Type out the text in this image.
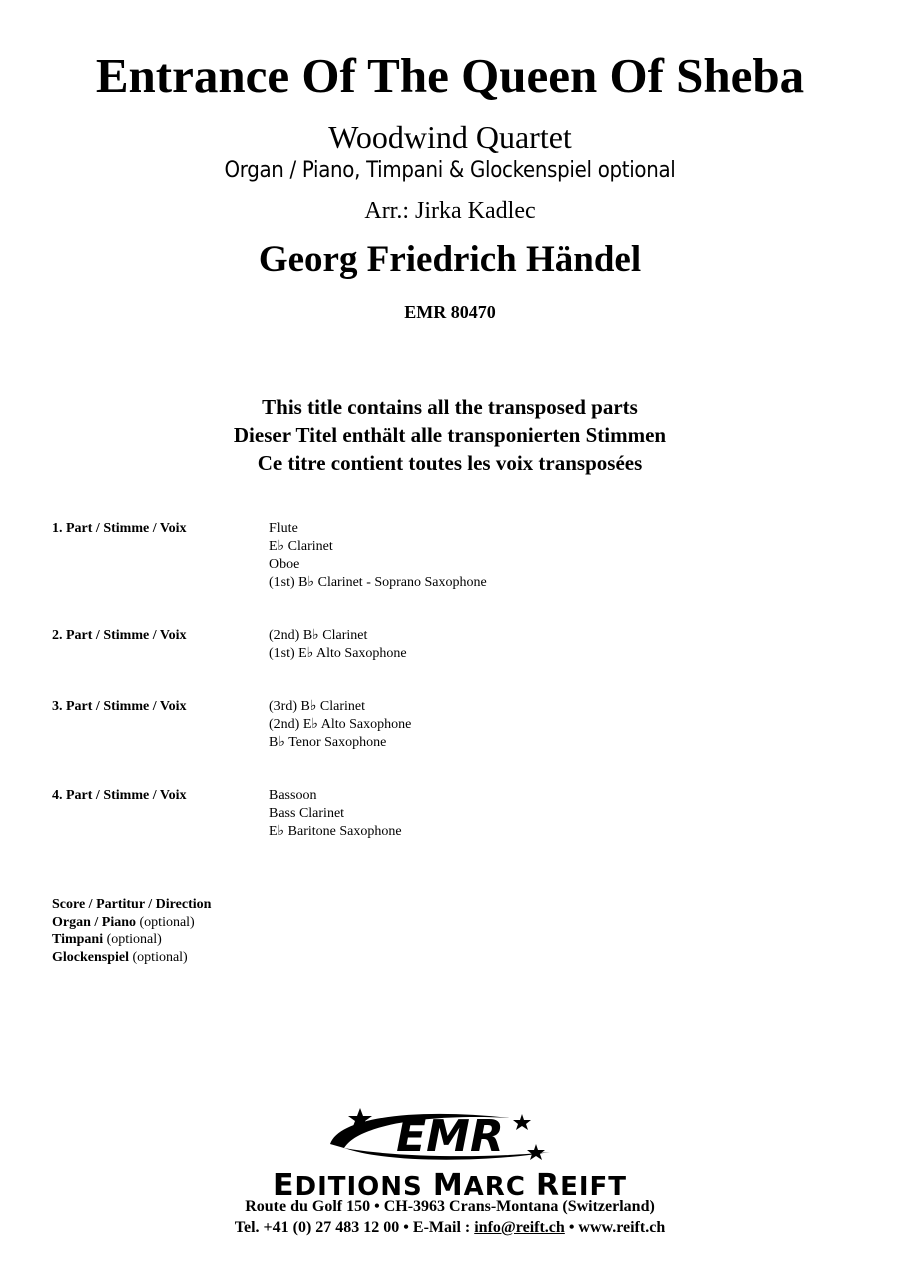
Entrance Of The Queen Of Sheba
Woodwind Quartet
Organ / Piano, Timpani & Glockenspiel optional
Arr.: Jirka Kadlec
Georg Friedrich Händel
EMR 80470
This title contains all the transposed parts
Dieser Titel enthält alle transponierten Stimmen
Ce titre contient toutes les voix transposées
1. Part / Stimme / Voix	Flute
E♭ Clarinet
Oboe
(1st) B♭ Clarinet - Soprano Saxophone
2. Part / Stimme / Voix	(2nd) B♭ Clarinet
(1st) E♭ Alto Saxophone
3. Part / Stimme / Voix	(3rd) B♭ Clarinet
(2nd) E♭ Alto Saxophone
B♭ Tenor Saxophone
4. Part / Stimme / Voix	Bassoon
Bass Clarinet
E♭ Baritone Saxophone
Score / Partitur / Direction
Organ / Piano (optional)
Timpani (optional)
Glockenspiel (optional)
EMR
EDITIONS MARC REIFT
Route du Golf 150 • CH-3963 Crans-Montana (Switzerland)
Tel. +41 (0) 27 483 12 00 • E-Mail : info@reift.ch • www.reift.ch
